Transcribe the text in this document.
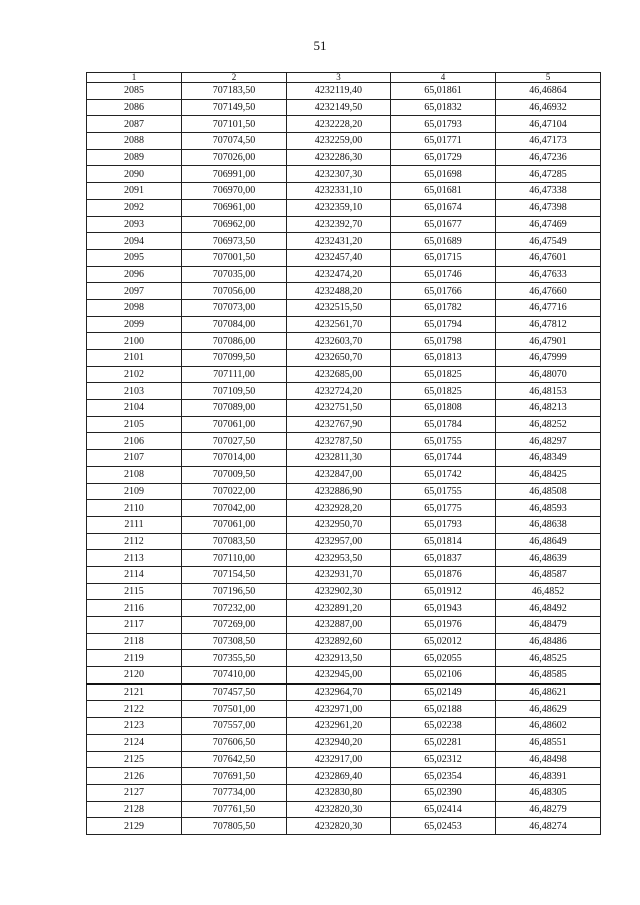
51
1	2	3	4	5
2085	707183,50	4232119,40	65,01861	46,46864
2086	707149,50	4232149,50	65,01832	46,46932
2087	707101,50	4232228,20	65,01793	46,47104
2088	707074,50	4232259,00	65,01771	46,47173
2089	707026,00	4232286,30	65,01729	46,47236
2090	706991,00	4232307,30	65,01698	46,47285
2091	706970,00	4232331,10	65,01681	46,47338
2092	706961,00	4232359,10	65,01674	46,47398
2093	706962,00	4232392,70	65,01677	46,47469
2094	706973,50	4232431,20	65,01689	46,47549
2095	707001,50	4232457,40	65,01715	46,47601
2096	707035,00	4232474,20	65,01746	46,47633
2097	707056,00	4232488,20	65,01766	46,47660
2098	707073,00	4232515,50	65,01782	46,47716
2099	707084,00	4232561,70	65,01794	46,47812
2100	707086,00	4232603,70	65,01798	46,47901
2101	707099,50	4232650,70	65,01813	46,47999
2102	707111,00	4232685,00	65,01825	46,48070
2103	707109,50	4232724,20	65,01825	46,48153
2104	707089,00	4232751,50	65,01808	46,48213
2105	707061,00	4232767,90	65,01784	46,48252
2106	707027,50	4232787,50	65,01755	46,48297
2107	707014,00	4232811,30	65,01744	46,48349
2108	707009,50	4232847,00	65,01742	46,48425
2109	707022,00	4232886,90	65,01755	46,48508
2110	707042,00	4232928,20	65,01775	46,48593
2111	707061,00	4232950,70	65,01793	46,48638
2112	707083,50	4232957,00	65,01814	46,48649
2113	707110,00	4232953,50	65,01837	46,48639
2114	707154,50	4232931,70	65,01876	46,48587
2115	707196,50	4232902,30	65,01912	46,4852
2116	707232,00	4232891,20	65,01943	46,48492
2117	707269,00	4232887,00	65,01976	46,48479
2118	707308,50	4232892,60	65,02012	46,48486
2119	707355,50	4232913,50	65,02055	46,48525
2120	707410,00	4232945,00	65,02106	46,48585
2121	707457,50	4232964,70	65,02149	46,48621
2122	707501,00	4232971,00	65,02188	46,48629
2123	707557,00	4232961,20	65,02238	46,48602
2124	707606,50	4232940,20	65,02281	46,48551
2125	707642,50	4232917,00	65,02312	46,48498
2126	707691,50	4232869,40	65,02354	46,48391
2127	707734,00	4232830,80	65,02390	46,48305
2128	707761,50	4232820,30	65,02414	46,48279
2129	707805,50	4232820,30	65,02453	46,48274
